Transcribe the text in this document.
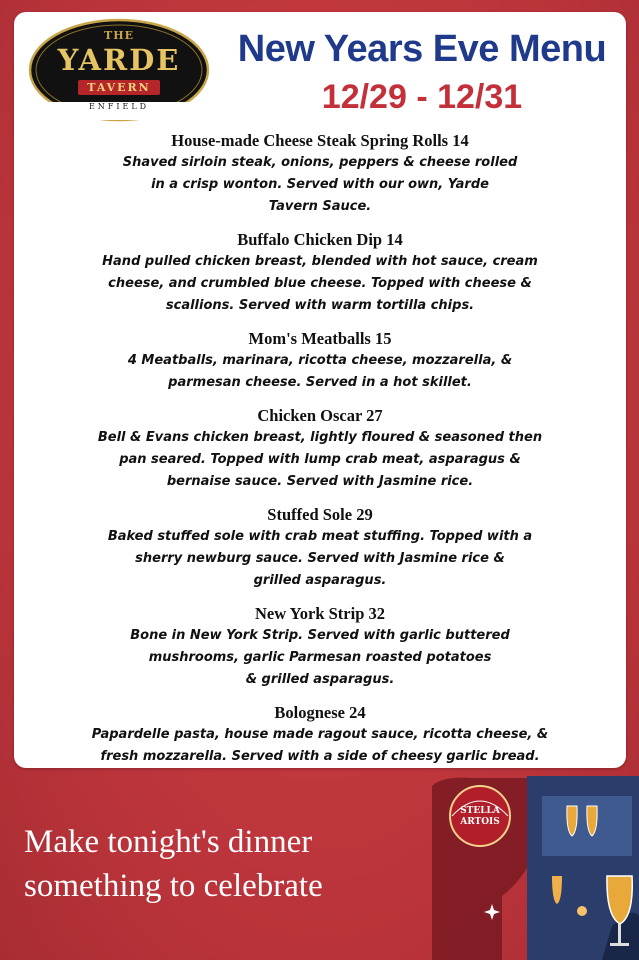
THE
YARDE
TAVERN
ENFIELD
New Years Eve Menu
12/29 - 12/31
House-made Cheese Steak Spring Rolls 14
Shaved sirloin steak, onions, peppers & cheese rolled
in a crisp wonton. Served with our own, Yarde
Tavern Sauce.
Buffalo Chicken Dip 14
Hand pulled chicken breast, blended with hot sauce, cream
cheese, and crumbled blue cheese. Topped with cheese &
scallions. Served with warm tortilla chips.
Mom's Meatballs 15
4 Meatballs, marinara, ricotta cheese, mozzarella, &
parmesan cheese. Served in a hot skillet.
Chicken Oscar 27
Bell & Evans chicken breast, lightly floured & seasoned then
pan seared. Topped with lump crab meat, asparagus &
bernaise sauce. Served with Jasmine rice.
Stuffed Sole 29
Baked stuffed sole with crab meat stuffing. Topped with a
sherry newburg sauce. Served with Jasmine rice &
grilled asparagus.
New York Strip 32
Bone in New York Strip. Served with garlic buttered
mushrooms, garlic Parmesan roasted potatoes
& grilled asparagus.
Bolognese 24
Papardelle pasta, house made ragout sauce, ricotta cheese, &
fresh mozzarella. Served with a side of cheesy garlic bread.
Make tonight's dinner
something to celebrate
STELLA
ARTOIS
